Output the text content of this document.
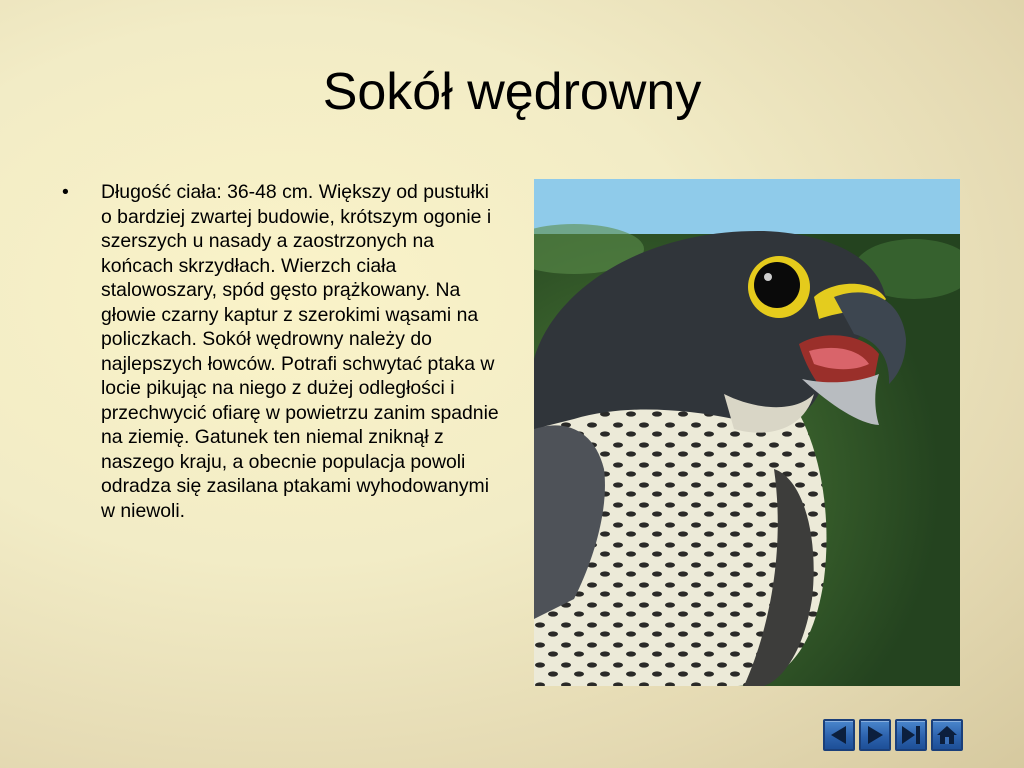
Sokół wędrowny
• Długość ciała: 36-48 cm. Większy od pustułki o bardziej zwartej budowie, krótszym ogonie i szerszych u nasady a zaostrzonych na końcach skrzydłach. Wierzch ciała stalowoszary, spód gęsto prążkowany. Na głowie czarny kaptur z szerokimi wąsami na policzkach. Sokół wędrowny należy do najlepszych łowców. Potrafi schwytać ptaka w locie pikując na niego z dużej odległości i przechwycić ofiarę w powietrzu zanim spadnie na ziemię. Gatunek ten niemal zniknął z naszego kraju, a obecnie populacja powoli odradza się zasilana ptakami wyhodowanymi w niewoli.
